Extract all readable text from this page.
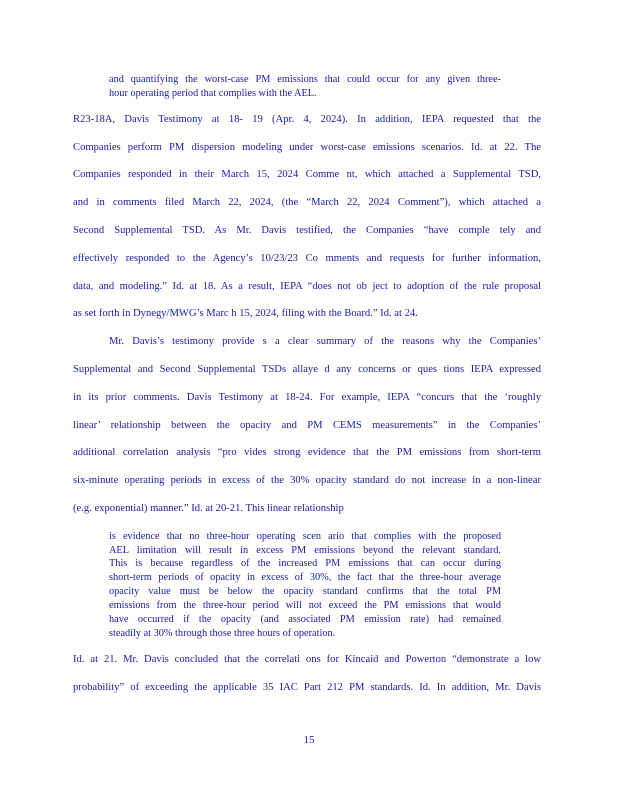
and quantifying the worst-case PM emissions that could occur for any given three-
hour operating period that complies with the AEL.
R23-18A, Davis Testimony at 18- 19 (Apr. 4, 2024). In addition, IEPA requested that the
Companies perform PM dispersion modeling under worst-case emissions scenarios. Id. at 22. The
Companies responded in their March 15, 2024 Comme nt, which attached a Supplemental TSD,
and in comments filed March 22, 2024, (the “March 22, 2024 Comment”), which attached a
Second Supplemental TSD. As Mr. Davis testified, the Companies “have comple tely and
effectively responded to the Agency’s 10/23/23 Co mments and requests for further information,
data, and modeling.” Id. at 18. As a result, IEPA “does not ob ject to adoption of the rule proposal
as set forth in Dynegy/MWG’s Marc h 15, 2024, filing with the Board.” Id. at 24.
Mr. Davis’s testimony provide s a clear summary of the reasons why the Companies’
Supplemental and Second Supplemental TSDs allaye d any concerns or ques tions IEPA expressed
in its prior comments. Davis Testimony at 18-24. For example, IEPA “concurs that the ‘roughly
linear’ relationship between the opacity and PM CEMS measurements” in the Companies’
additional correlation analysis “pro vides strong evidence that the PM emissions from short-term
six-minute operating periods in excess of the 30% opacity standard do not increase in a non-linear
(e.g. exponential) manner.” Id. at 20-21. This linear relationship
is evidence that no three-hour operating scen ario that complies with the proposed
AEL limitation will result in excess PM emissions beyond the relevant standard.
This is because regardless of the increased PM emissions that can occur during
short-term periods of opacity in excess of 30%, the fact that the three-hour average
opacity value must be below the opacity standard confirms that the total PM
emissions from the three-hour period will not exceed the PM emissions that would
have occurred if the opacity (and associated PM emission rate) had remained
steadily at 30% through those three hours of operation.
Id. at 21. Mr. Davis concluded that the correlati ons for Kincaid and Powerton “demonstrate a low
probability” of exceeding the applicable 35 IAC Part 212 PM standards. Id. In addition, Mr. Davis
15
